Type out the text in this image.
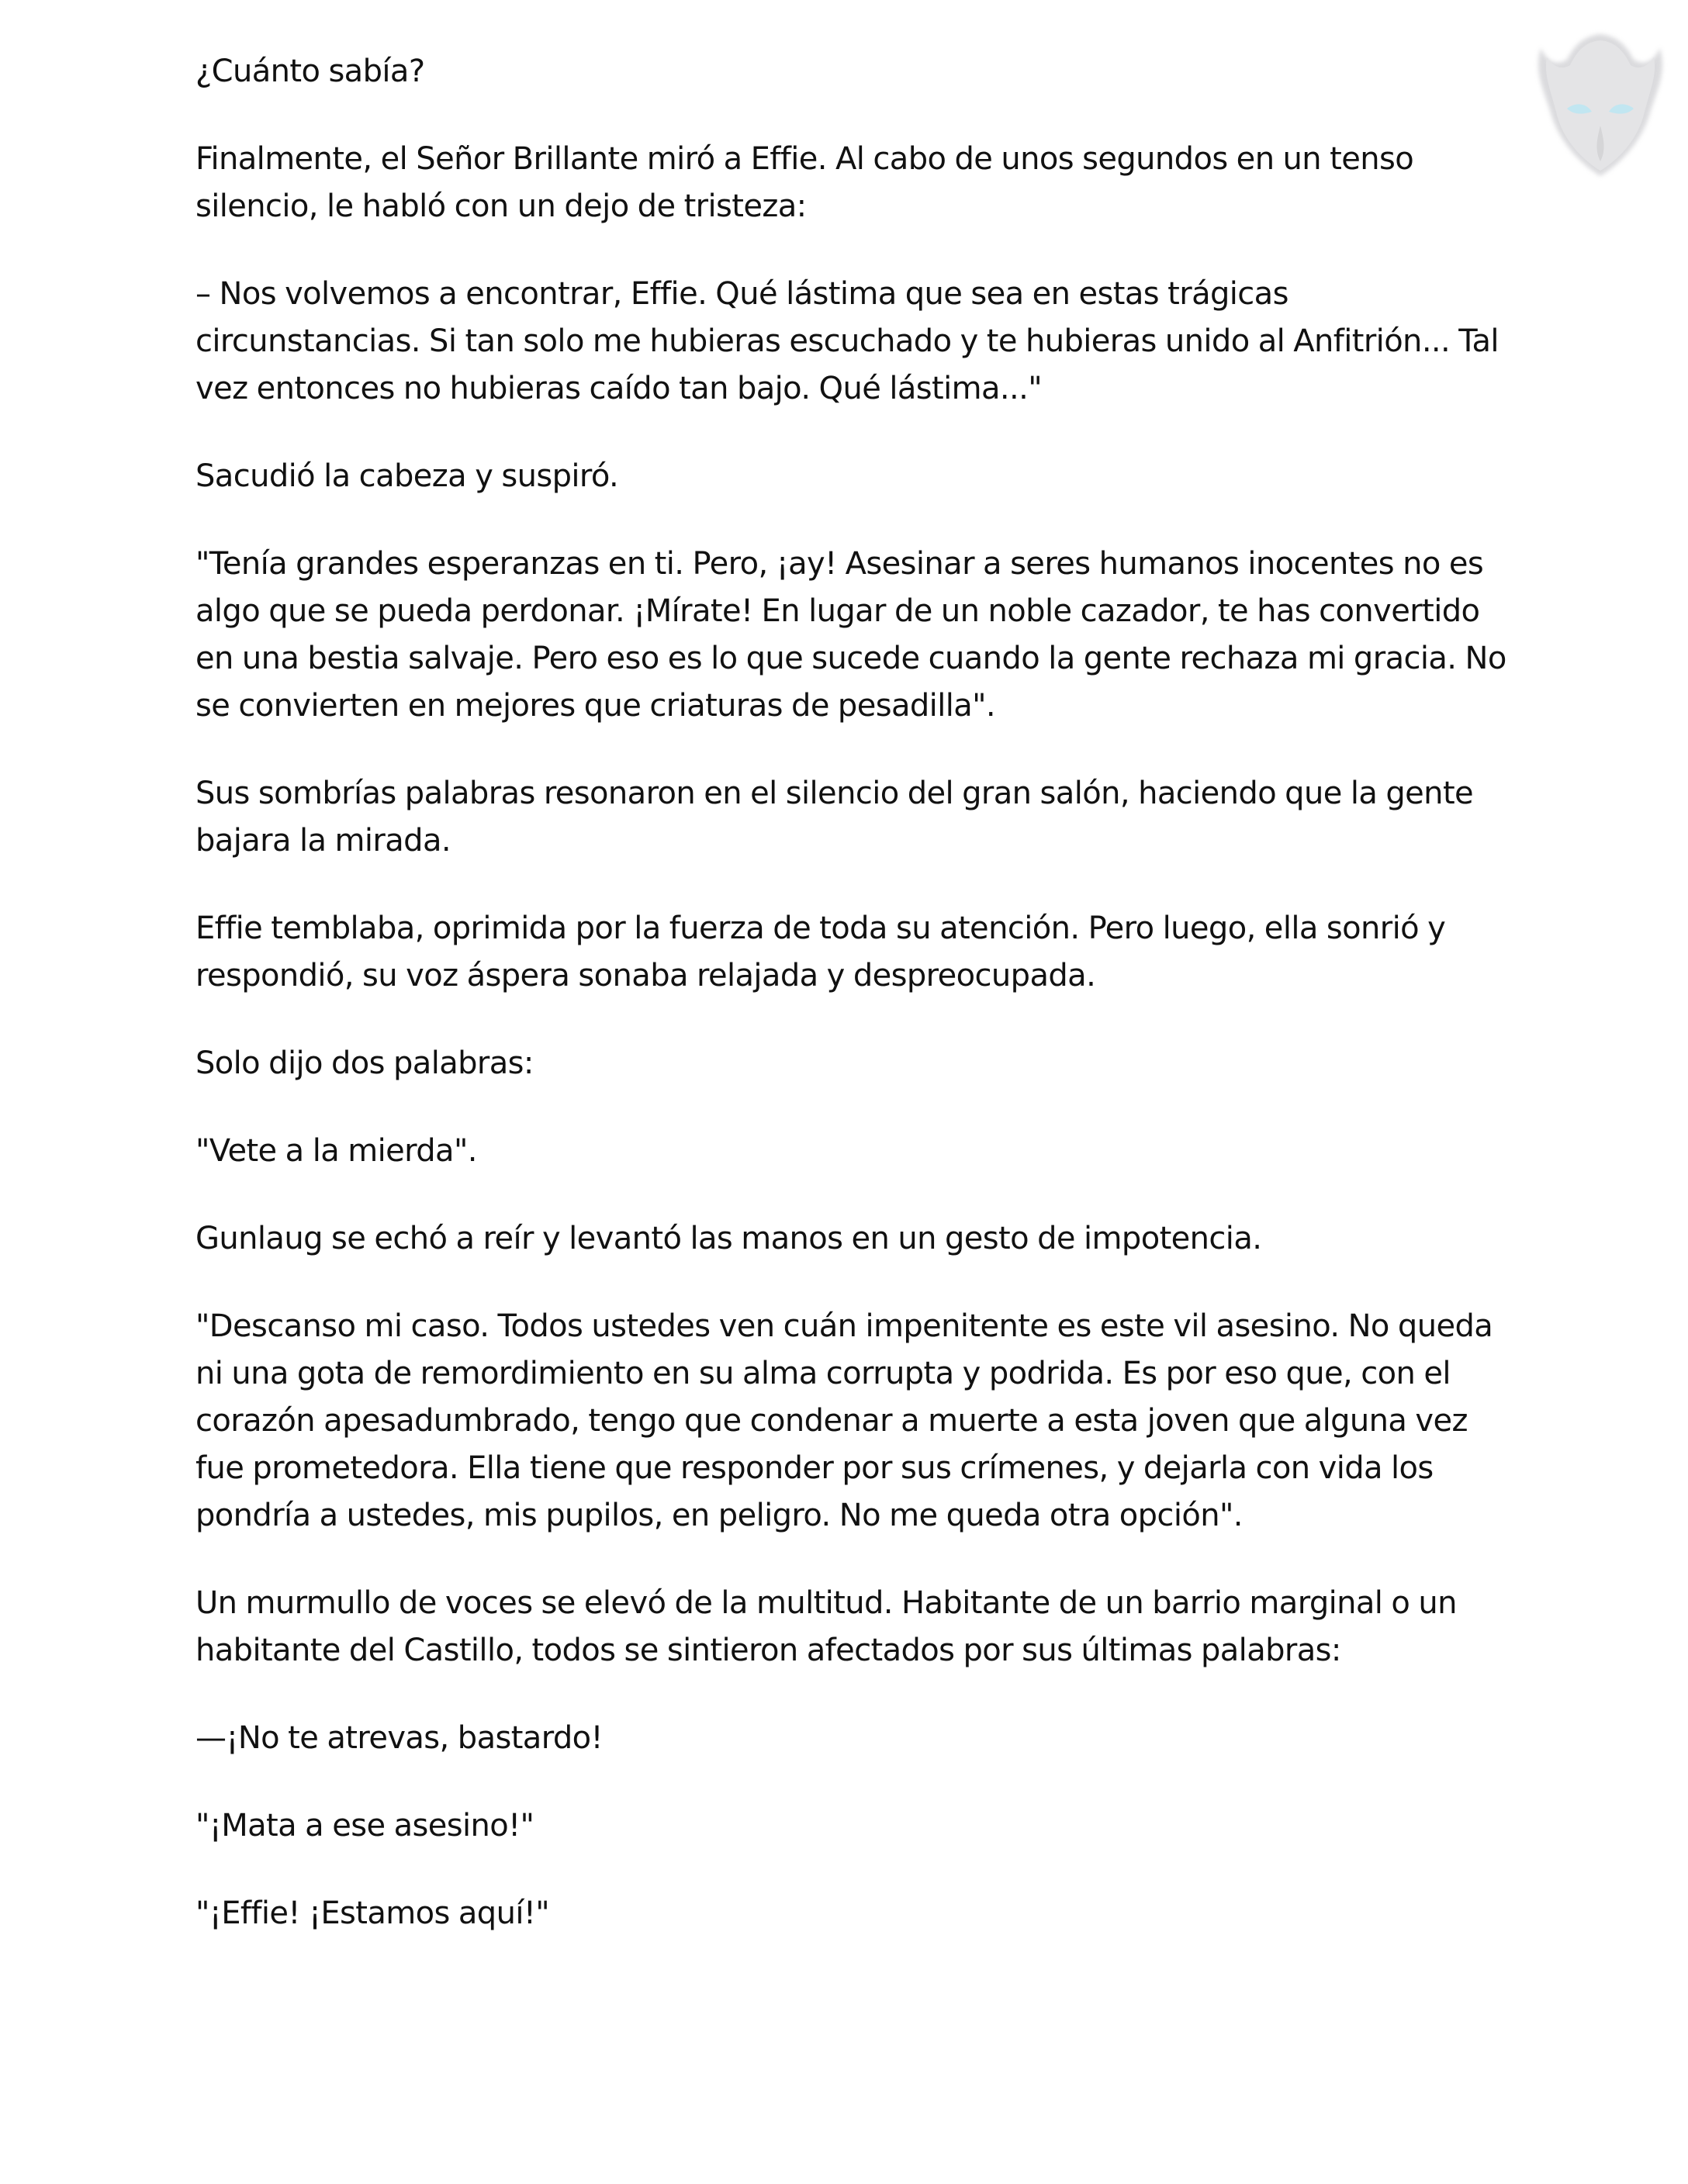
¿Cuánto sabía?

Finalmente, el Señor Brillante miró a Effie. Al cabo de unos segundos en un tenso silencio, le habló con un dejo de tristeza:

– Nos volvemos a encontrar, Effie. Qué lástima que sea en estas trágicas circunstancias. Si tan solo me hubieras escuchado y te hubieras unido al Anfitrión... Tal vez entonces no hubieras caído tan bajo. Qué lástima..."

Sacudió la cabeza y suspiró.

"Tenía grandes esperanzas en ti. Pero, ¡ay! Asesinar a seres humanos inocentes no es algo que se pueda perdonar. ¡Mírate! En lugar de un noble cazador, te has convertido en una bestia salvaje. Pero eso es lo que sucede cuando la gente rechaza mi gracia. No se convierten en mejores que criaturas de pesadilla".

Sus sombrías palabras resonaron en el silencio del gran salón, haciendo que la gente bajara la mirada.

Effie temblaba, oprimida por la fuerza de toda su atención. Pero luego, ella sonrió y respondió, su voz áspera sonaba relajada y despreocupada.

Solo dijo dos palabras:

"Vete a la mierda".

Gunlaug se echó a reír y levantó las manos en un gesto de impotencia.

"Descanso mi caso. Todos ustedes ven cuán impenitente es este vil asesino. No queda ni una gota de remordimiento en su alma corrupta y podrida. Es por eso que, con el corazón apesadumbrado, tengo que condenar a muerte a esta joven que alguna vez fue prometedora. Ella tiene que responder por sus crímenes, y dejarla con vida los pondría a ustedes, mis pupilos, en peligro. No me queda otra opción".

Un murmullo de voces se elevó de la multitud. Habitante de un barrio marginal o un habitante del Castillo, todos se sintieron afectados por sus últimas palabras:

—¡No te atrevas, bastardo!

"¡Mata a ese asesino!"

"¡Effie! ¡Estamos aquí!"
